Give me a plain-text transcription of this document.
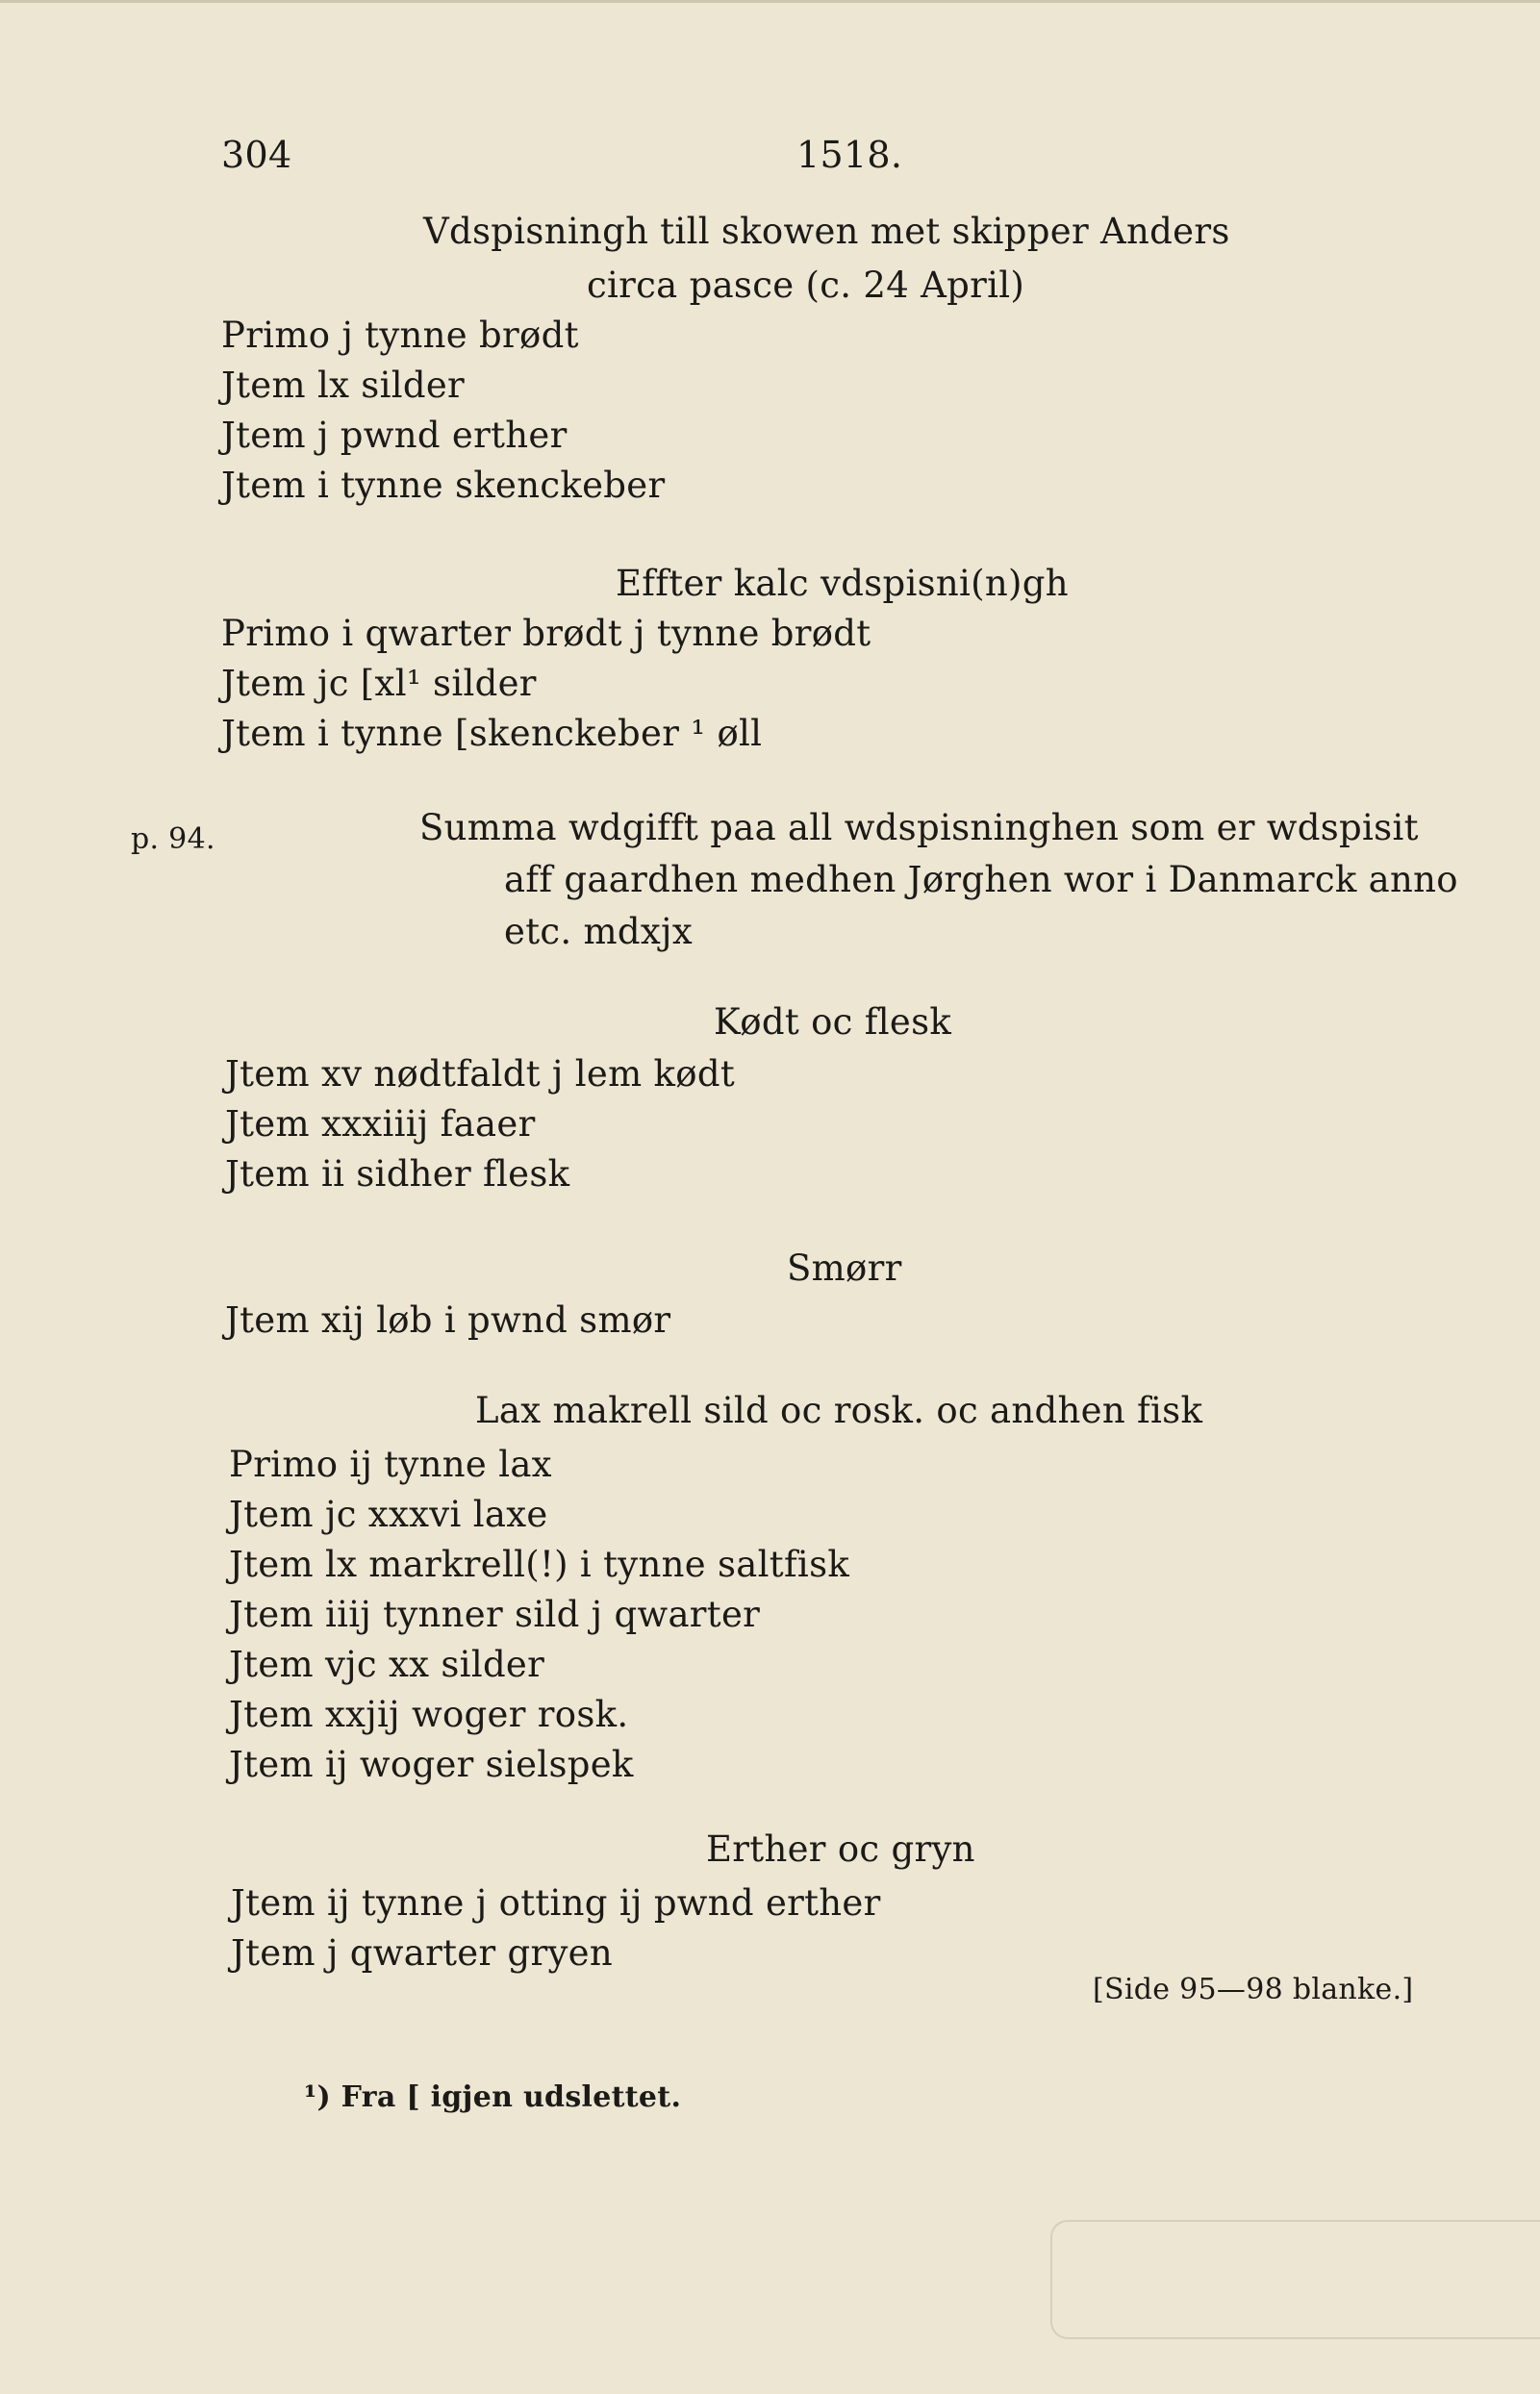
304	1518.
Vdspisningh till skowen met skipper Anders
circa pasce (c. 24 April)
Primo j tynne brødt
Jtem lx silder
Jtem j pwnd erther
Jtem i tynne skenckeber
Effter kalc vdspisni(n)gh
Primo i qwarter brødt j tynne brødt
Jtem jc [xl¹ silder
Jtem i tynne [skenckeber ¹ øll
p. 94.	Summa wdgifft paa all wdspisninghen som er wdspisit
aff gaardhen medhen Jørghen wor i Danmarck anno
etc. mdxjx
Kødt oc flesk
Jtem xv nødtfaldt j lem kødt
Jtem xxxiiij faaer
Jtem ii sidher flesk
Smørr
Jtem xij løb i pwnd smør
Lax makrell sild oc rosk. oc andhen fisk
Primo ij tynne lax
Jtem jc xxxvi laxe
Jtem lx markrell(!) i tynne saltfisk
Jtem iiij tynner sild j qwarter
Jtem vjc xx silder
Jtem xxjij woger rosk.
Jtem ij woger sielspek
Erther oc gryn
Jtem ij tynne j otting ij pwnd erther
Jtem j qwarter gryen
[Side 95—98 blanke.]
¹) Fra [ igjen udslettet.
